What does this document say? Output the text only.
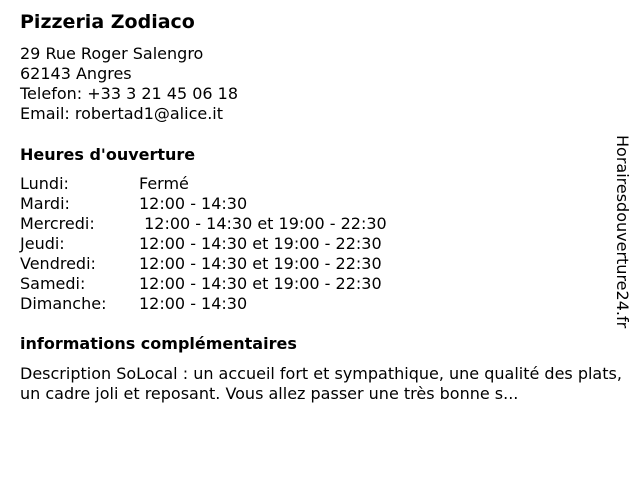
Pizzeria Zodiaco
29 Rue Roger Salengro
62143 Angres
Telefon: +33 3 21 45 06 18
Email: robertad1@alice.it
Heures d'ouverture
Lundi:	Fermé
Mardi:	12:00 - 14:30
Mercredi:	12:00 - 14:30 et 19:00 - 22:30
Jeudi:	12:00 - 14:30 et 19:00 - 22:30
Vendredi:	12:00 - 14:30 et 19:00 - 22:30
Samedi:	12:00 - 14:30 et 19:00 - 22:30
Dimanche: 12:00 - 14:30
informations complémentaires

Description SoLocal : un accueil fort et sympathique, une qualité des plats, un cadre joli et reposant. Vous allez passer une très bonne s...

Horairesdouverture24.fr
